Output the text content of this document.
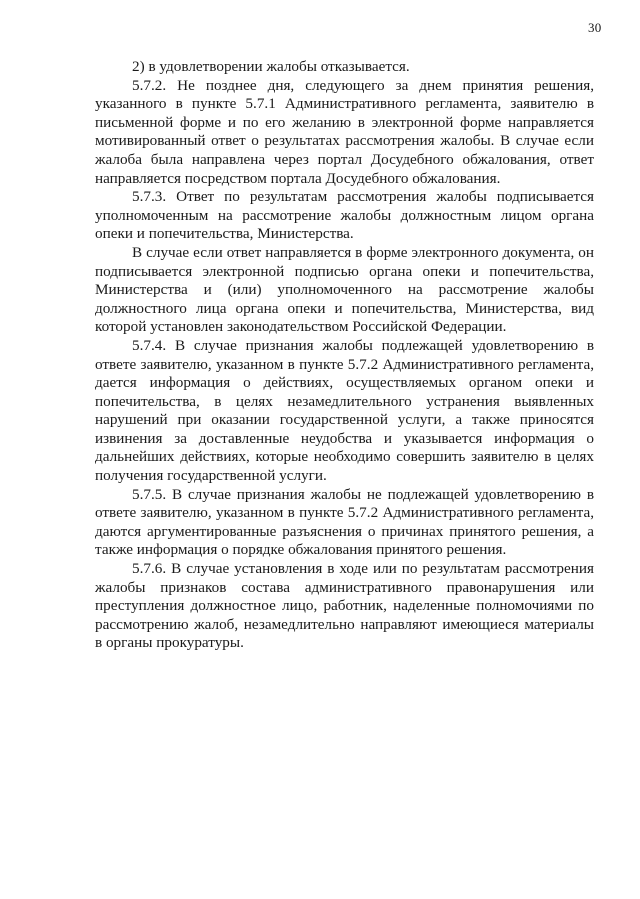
30

2) в удовлетворении жалобы отказывается.

5.7.2. Не позднее дня, следующего за днем принятия решения, указанного в пункте 5.7.1 Административного регламента, заявителю в письменной форме и по его желанию в электронной форме направляется мотивированный ответ о результатах рассмотрения жалобы. В случае если жалоба была направлена через портал Досудебного обжалования, ответ направляется посредством портала Досудебного обжалования.

5.7.3. Ответ по результатам рассмотрения жалобы подписывается уполномоченным на рассмотрение жалобы должностным лицом органа опеки и попечительства, Министерства.

В случае если ответ направляется в форме электронного документа, он подписывается электронной подписью органа опеки и попечительства, Министерства и (или) уполномоченного на рассмотрение жалобы должностного лица органа опеки и попечительства, Министерства, вид которой установлен законодательством Российской Федерации.

5.7.4. В случае признания жалобы подлежащей удовлетворению в ответе заявителю, указанном в пункте 5.7.2 Административного регламента, дается информация о действиях, осуществляемых органом опеки и попечительства, в целях незамедлительного устранения выявленных нарушений при оказании государственной услуги, а также приносятся извинения за доставленные неудобства и указывается информация о дальнейших действиях, которые необходимо совершить заявителю в целях получения государственной услуги.

5.7.5. В случае признания жалобы не подлежащей удовлетворению в ответе заявителю, указанном в пункте 5.7.2 Административного регламента, даются аргументированные разъяснения о причинах принятого решения, а также информация о порядке обжалования принятого решения.

5.7.6. В случае установления в ходе или по результатам рассмотрения жалобы признаков состава административного правонарушения или преступления должностное лицо, работник, наделенные полномочиями по рассмотрению жалоб, незамедлительно направляют имеющиеся материалы в органы прокуратуры.
